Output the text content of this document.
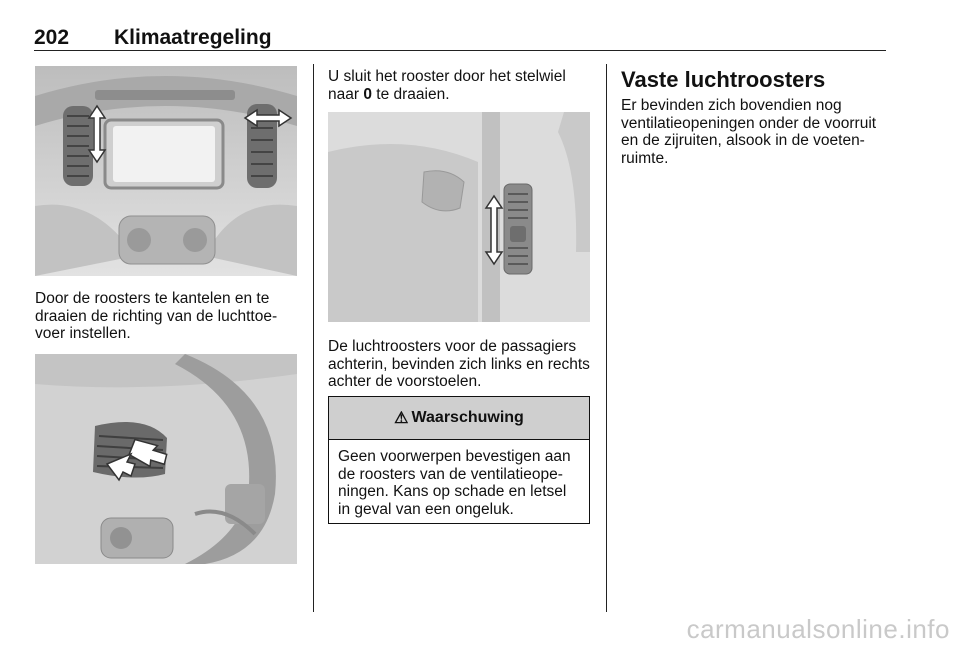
202 Klimaatregeling

Door de roosters te kantelen en te draaien de richting van de luchttoe-voer instellen.

U sluit het rooster door het stelwiel naar 0 te draaien.

De luchtroosters voor de passagiers achterin, bevinden zich links en rechts achter de voorstoelen.

⚠ Waarschuwing
Geen voorwerpen bevestigen aan de roosters van de ventilatieope-ningen. Kans op schade en letsel in geval van een ongeluk.
Vaste luchtroosters

Er bevinden zich bovendien nog ventilatieopeningen onder de voorruit en de zijruiten, alsook in de voeten-ruimte.

carmanualsonline.info
